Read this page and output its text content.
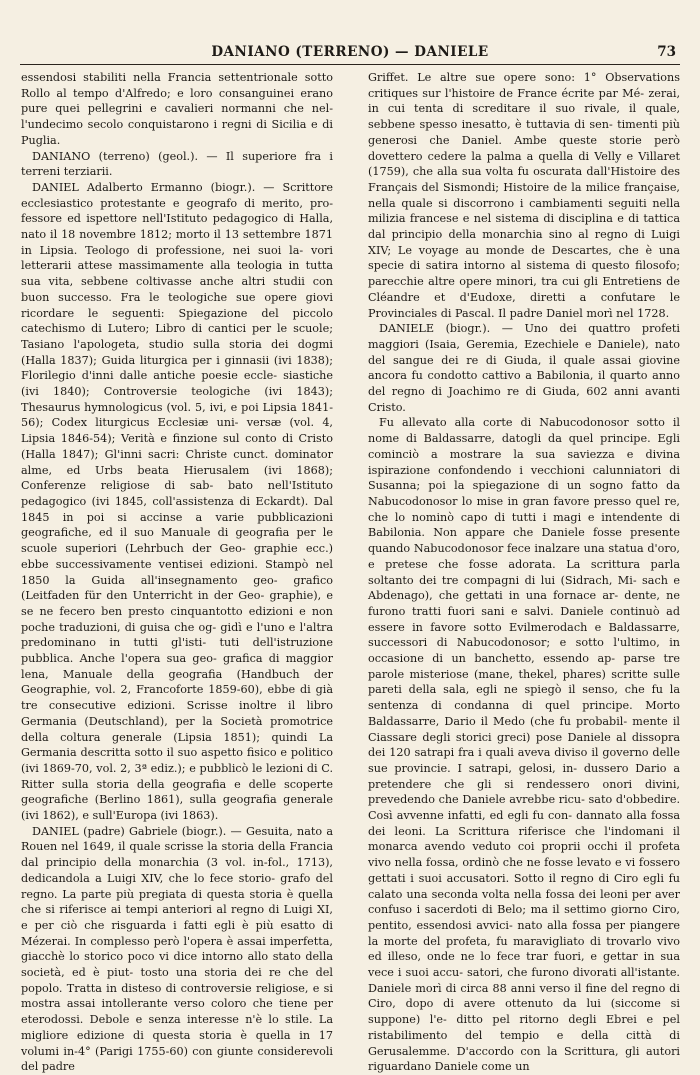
DANIANO (TERRENO) — DANIELE	73

essendosi stabiliti nella Francia settentrionale sotto Rollo al tempo d'Alfredo; e loro consanguinei erano pure quei pellegrini e cavalieri normanni che nel- l'undecimo secolo conquistarono i regni di Sicilia e di Puglia.

DANIANO (terreno) (geol.). — Il superiore fra i terreni terziarii.

DANIEL Adalberto Ermanno (biogr.). — Scrittore ecclesiastico protestante e geografo di merito, pro- fessore ed ispettore nell'Istituto pedagogico di Halla, nato il 18 novembre 1812; morto il 13 settembre 1871 in Lipsia. Teologo di professione, nei suoi la- vori letterarii attese massimamente alla teologia in tutta sua vita, sebbene coltivasse anche altri studii con buon successo. Fra le teologiche sue opere giovi ricordare le seguenti: Spiegazione del piccolo catechismo di Lutero; Libro di cantici per le scuole; Tasiano l'apologeta, studio sulla storia dei dogmi (Halla 1837); Guida liturgica per i ginnasii (ivi 1838); Florilegio d'inni dalle antiche poesie eccle- siastiche (ivi 1840); Controversie teologiche (ivi 1843); Thesaurus hymnologicus (vol. 5, ivi, e poi Lipsia 1841-56); Codex liturgicus Ecclesiæ uni- versæ (vol. 4, Lipsia 1846-54); Verità e finzione sul conto di Cristo (Halla 1847); Gl'inni sacri: Christe cunct. dominator alme, ed Urbs beata Hierusalem (ivi 1868); Conferenze religiose di sab- bato nell'Istituto pedagogico (ivi 1845, coll'assistenza di Eckardt). Dal 1845 in poi si accinse a varie pubblicazioni geografiche, ed il suo Manuale di geografia per le scuole superiori (Lehrbuch der Geo- graphie ecc.) ebbe successivamente ventisei edizioni. Stampò nel 1850 la Guida all'insegnamento geo- grafico (Leitfaden für den Unterricht in der Geo- graphie), e se ne fecero ben presto cinquantotto edizioni e non poche traduzioni, di guisa che og- gidì e l'uno e l'altra predominano in tutti gl'isti- tuti dell'istruzione pubblica. Anche l'opera sua geo- grafica di maggior lena, Manuale della geografia (Handbuch der Geographie, vol. 2, Francoforte 1859-60), ebbe di già tre consecutive edizioni. Scrisse inoltre il libro Germania (Deutschland), per la Società promotrice della coltura generale (Lipsia 1851); quindi La Germania descritta sotto il suo aspetto fisico e politico (ivi 1869-70, vol. 2, 3ª ediz.); e pubblicò le lezioni di C. Ritter sulla storia della geografia e delle scoperte geografiche (Berlino 1861), sulla geografia generale (ivi 1862), e sull'Europa (ivi 1863).

DANIEL (padre) Gabriele (biogr.). — Gesuita, nato a Rouen nel 1649, il quale scrisse la storia della Francia dal principio della monarchia (3 vol. in-fol., 1713), dedicandola a Luigi XIV, che lo fece storio- grafo del regno. La parte più pregiata di questa storia è quella che si riferisce ai tempi anteriori al regno di Luigi XI, e per ciò che risguarda i fatti egli è più esatto di Mézerai. In complesso però l'opera è assai imperfetta, giacchè lo storico poco vi dice intorno allo stato della società, ed è piut- tosto una storia dei re che del popolo. Tratta in disteso di controversie religiose, e si mostra assai intollerante verso coloro che tiene per eterodossi. Debole e senza interesse n'è lo stile. La migliore edizione di questa storia è quella in 17 volumi in-4° (Parigi 1755-60) con giunte considerevoli del padre

Griffet. Le altre sue opere sono: 1° Observations critiques sur l'histoire de France écrite par Mé- zerai, in cui tenta di screditare il suo rivale, il quale, sebbene spesso inesatto, è tuttavia di sen- timenti più generosi che Daniel. Ambe queste storie però dovettero cedere la palma a quella di Velly e Villaret (1759), che alla sua volta fu oscurata dall'Histoire des Français del Sismondi; Histoire de la milice française, nella quale si discorrono i cambiamenti seguiti nella milizia francese e nel sistema di disciplina e di tattica dal principio della monarchia sino al regno di Luigi XIV; Le voyage au monde de Descartes, che è una specie di satira intorno al sistema di questo filosofo; parecchie altre opere minori, tra cui gli Entretiens de Cléandre et d'Eudoxe, diretti a confutare le Provinciales di Pascal. Il padre Daniel morì nel 1728.

DANIELE (biogr.). — Uno dei quattro profeti maggiori (Isaia, Geremia, Ezechiele e Daniele), nato del sangue dei re di Giuda, il quale assai giovine ancora fu condotto cattivo a Babilonia, il quarto anno del regno di Joachimo re di Giuda, 602 anni avanti Cristo.

Fu allevato alla corte di Nabucodonosor sotto il nome di Baldassarre, datogli da quel principe. Egli cominciò a mostrare la sua saviezza e divina ispirazione confondendo i vecchioni calunniatori di Susanna; poi la spiegazione di un sogno fatto da Nabucodonosor lo mise in gran favore presso quel re, che lo nominò capo di tutti i magi e intendente di Babilonia. Non appare che Daniele fosse presente quando Nabucodonosor fece inalzare una statua d'oro, e pretese che fosse adorata. La scrittura parla soltanto dei tre compagni di lui (Sidrach, Mi- sach e Abdenago), che gettati in una fornace ar- dente, ne furono tratti fuori sani e salvi. Daniele continuò ad essere in favore sotto Evilmerodach e Baldassarre, successori di Nabucodonosor; e sotto l'ultimo, in occasione di un banchetto, essendo ap- parse tre parole misteriose (mane, thekel, phares) scritte sulle pareti della sala, egli ne spiegò il senso, che fu la sentenza di condanna di quel principe. Morto Baldassarre, Dario il Medo (che fu probabil- mente il Ciassare degli storici greci) pose Daniele al dissopra dei 120 satrapi fra i quali aveva diviso il governo delle sue provincie. I satrapi, gelosi, in- dussero Dario a pretendere che gli si rendessero onori divini, prevedendo che Daniele avrebbe ricu- sato d'obbedire. Così avvenne infatti, ed egli fu con- dannato alla fossa dei leoni. La Scrittura riferisce che l'indomani il monarca avendo veduto coi proprii occhi il profeta vivo nella fossa, ordinò che ne fosse levato e vi fossero gettati i suoi accusatori. Sotto il regno di Ciro egli fu calato una seconda volta nella fossa dei leoni per aver confuso i sacerdoti di Belo; ma il settimo giorno Ciro, pentito, essendosi avvici- nato alla fossa per piangere la morte del profeta, fu maravigliato di trovarlo vivo ed illeso, onde ne lo fece trar fuori, e gettar in sua vece i suoi accu- satori, che furono divorati all'istante. Daniele morì di circa 88 anni verso il fine del regno di Ciro, dopo di avere ottenuto da lui (siccome si suppone) l'e- ditto pel ritorno degli Ebrei e pel ristabilimento del tempio e della città di Gerusalemme. D'accordo con la Scrittura, gli autori riguardano Daniele come un
